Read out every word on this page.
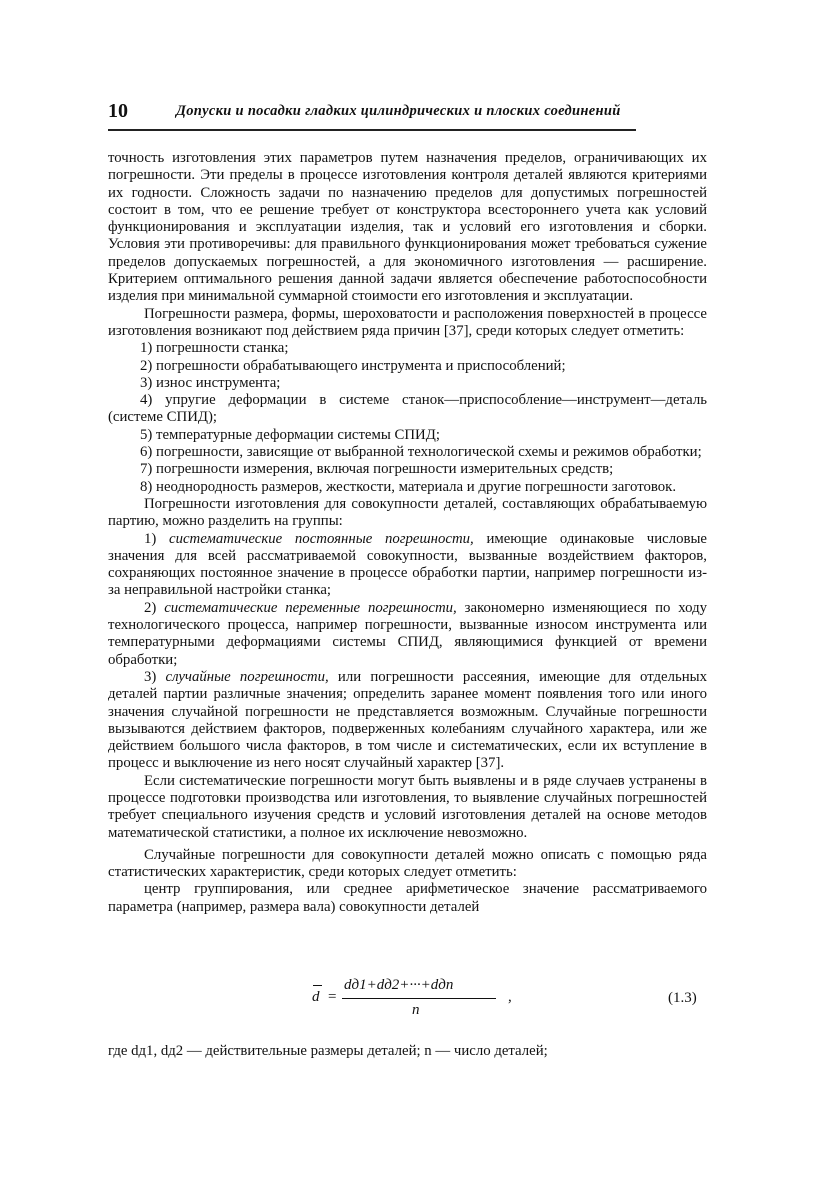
10	Допуски и посадки гладких цилиндрических и плоских соединений

точность изготовления этих параметров путем назначения пределов, ограничивающих их погрешности. Эти пределы в процессе изготовления контроля деталей являются критериями их годности. Сложность задачи по назначению пределов для допустимых погрешностей состоит в том, что ее решение требует от конструктора всестороннего учета как условий функционирования и эксплуатации изделия, так и условий его изготовления и сборки. Условия эти противоречивы: для правильного функционирования может требоваться сужение пределов допускаемых погрешностей, а для экономичного изготовления — расширение. Критерием оптимального решения данной задачи является обеспечение работоспособности изделия при минимальной суммарной стоимости его изготовления и эксплуатации.

Погрешности размера, формы, шероховатости и расположения поверхностей в процессе изготовления возникают под действием ряда причин [37], среди которых следует отметить:

1) погрешности станка;

2) погрешности обрабатывающего инструмента и приспособлений;

3) износ инструмента;

4) упругие деформации в системе станок—приспособление—инструмент—деталь (системе СПИД);

5) температурные деформации системы СПИД;

6) погрешности, зависящие от выбранной технологической схемы и режимов обработки;

7) погрешности измерения, включая погрешности измерительных средств;

8) неоднородность размеров, жесткости, материала и другие погрешности заготовок.

Погрешности изготовления для совокупности деталей, составляющих обрабатываемую партию, можно разделить на группы:

1) систематические постоянные погрешности, имеющие одинаковые числовые значения для всей рассматриваемой совокупности, вызванные воздействием факторов, сохраняющих постоянное значение в процессе обработки партии, например погрешности из-за неправильной настройки станка;

2) систематические переменные погрешности, закономерно изменяющиеся по ходу технологического процесса, например погрешности, вызванные износом инструмента или температурными деформациями системы СПИД, являющимися функцией от времени обработки;

3) случайные погрешности, или погрешности рассеяния, имеющие для отдельных деталей партии различные значения; определить заранее момент появления того или иного значения случайной погрешности не представляется возможным. Случайные погрешности вызываются действием факторов, подверженных колебаниям случайного характера, или же действием большого числа факторов, в том числе и систематических, если их вступление в процесс и выключение из него носят случайный характер [37].

Если систематические погрешности могут быть выявлены и в ряде случаев устранены в процессе подготовки производства или изготовления, то выявление случайных погрешностей требует специального изучения средств и условий изготовления деталей на основе методов математической статистики, а полное их исключение невозможно.

Случайные погрешности для совокупности деталей можно описать с помощью ряда статистических характеристик, среди которых следует отметить:

центр группирования, или среднее арифметическое значение рассматриваемого параметра (например, размера вала) совокупности деталей

d =
dд1+dд2+···+dдn
n
,	(1.3)
где dд1, dд2 — действительные размеры деталей; n — число деталей;
